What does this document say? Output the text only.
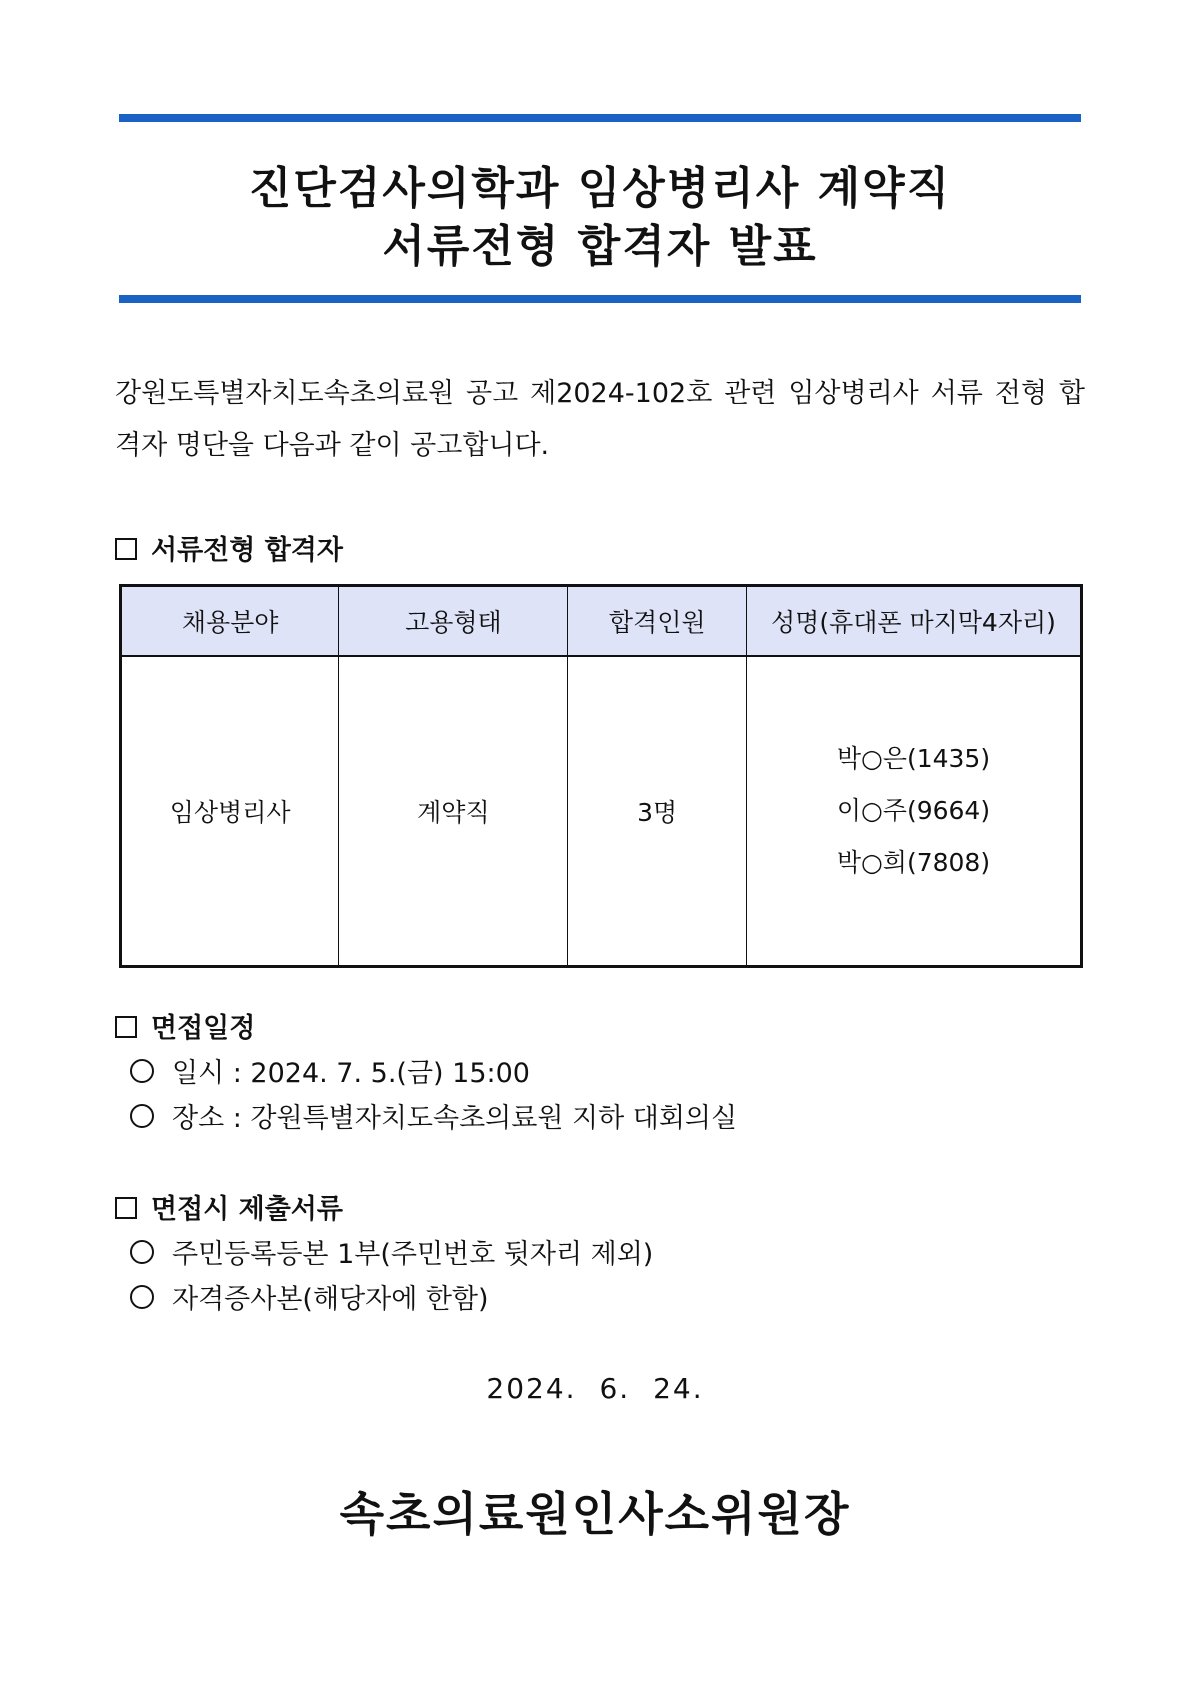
진단검사의학과 임상병리사 계약직
서류전형 합격자 발표
강원도특별자치도속초의료원 공고 제2024-102호 관련 임상병리사 서류 전형 합격자 명단을 다음과 같이 공고합니다.
서류전형 합격자
채용분야	고용형태	합격인원	성명(휴대폰 마지막4자리)
임상병리사	계약직	3명	박○은(1435)
이○주(9664)
박○희(7808)
면접일정
일시 : 2024. 7. 5.(금) 15:00
장소 : 강원특별자치도속초의료원 지하 대회의실
면접시 제출서류
주민등록등본 1부(주민번호 뒷자리 제외)
자격증사본(해당자에 한함)
2024. 6. 24.
속초의료원인사소위원장
